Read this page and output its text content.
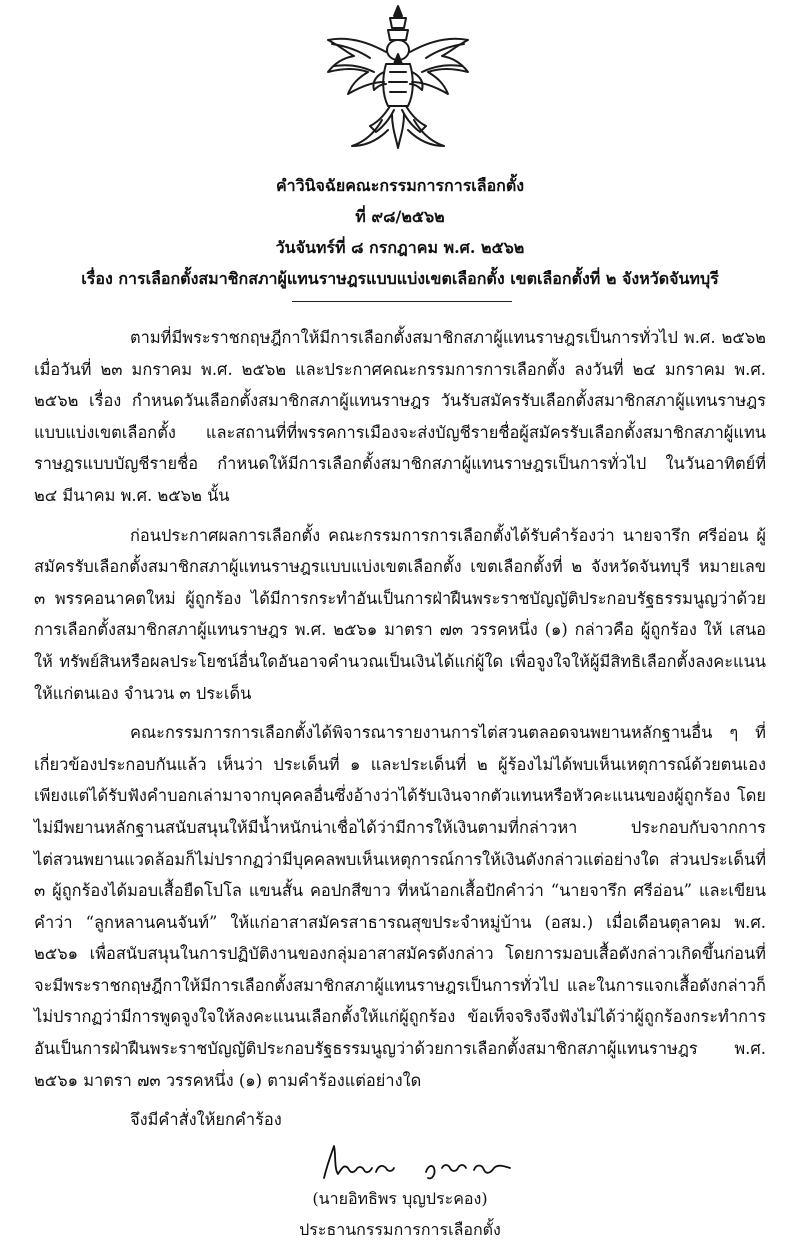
คำวินิจฉัยคณะกรรมการการเลือกตั้ง
ที่ ๙๘/๒๕๖๒
วันจันทร์ที่ ๘ กรกฎาคม พ.ศ. ๒๕๖๒
เรื่อง การเลือกตั้งสมาชิกสภาผู้แทนราษฎรแบบแบ่งเขตเลือกตั้ง เขตเลือกตั้งที่ ๒ จังหวัดจันทบุรี

ตามที่มีพระราชกฤษฎีกาให้มีการเลือกตั้งสมาชิกสภาผู้แทนราษฎรเป็นการทั่วไป พ.ศ. ๒๕๖๒ เมื่อวันที่ ๒๓ มกราคม พ.ศ. ๒๕๖๒ และประกาศคณะกรรมการการเลือกตั้ง ลงวันที่ ๒๔ มกราคม พ.ศ. ๒๕๖๒ เรื่อง กำหนดวันเลือกตั้งสมาชิกสภาผู้แทนราษฎร วันรับสมัครรับเลือกตั้งสมาชิกสภาผู้แทนราษฎรแบบแบ่งเขตเลือกตั้ง และสถานที่ที่พรรคการเมืองจะส่งบัญชีรายชื่อผู้สมัครรับเลือกตั้งสมาชิกสภาผู้แทนราษฎรแบบบัญชีรายชื่อ กำหนดให้มีการเลือกตั้งสมาชิกสภาผู้แทนราษฎรเป็นการทั่วไป ในวันอาทิตย์ที่ ๒๔ มีนาคม พ.ศ. ๒๕๖๒ นั้น

ก่อนประกาศผลการเลือกตั้ง คณะกรรมการการเลือกตั้งได้รับคำร้องว่า นายจารึก ศรีอ่อน ผู้สมัครรับเลือกตั้งสมาชิกสภาผู้แทนราษฎรแบบแบ่งเขตเลือกตั้ง เขตเลือกตั้งที่ ๒ จังหวัดจันทบุรี หมายเลข ๓ พรรคอนาคตใหม่ ผู้ถูกร้อง ได้มีการกระทำอันเป็นการฝ่าฝืนพระราชบัญญัติประกอบรัฐธรรมนูญว่าด้วยการเลือกตั้งสมาชิกสภาผู้แทนราษฎร พ.ศ. ๒๕๖๑ มาตรา ๗๓ วรรคหนึ่ง (๑) กล่าวคือ ผู้ถูกร้อง ให้ เสนอให้ ทรัพย์สินหรือผลประโยชน์อื่นใดอันอาจคำนวณเป็นเงินได้แก่ผู้ใด เพื่อจูงใจให้ผู้มีสิทธิเลือกตั้งลงคะแนนให้แก่ตนเอง จำนวน ๓ ประเด็น

คณะกรรมการการเลือกตั้งได้พิจารณารายงานการไต่สวนตลอดจนพยานหลักฐานอื่น ๆ ที่เกี่ยวข้องประกอบกันแล้ว เห็นว่า ประเด็นที่ ๑ และประเด็นที่ ๒ ผู้ร้องไม่ได้พบเห็นเหตุการณ์ด้วยตนเอง เพียงแต่ได้รับฟังคำบอกเล่ามาจากบุคคลอื่นซึ่งอ้างว่าได้รับเงินจากตัวแทนหรือหัวคะแนนของผู้ถูกร้อง โดยไม่มีพยานหลักฐานสนับสนุนให้มีน้ำหนักน่าเชื่อได้ว่ามีการให้เงินตามที่กล่าวหา ประกอบกับจากการไต่สวนพยานแวดล้อมก็ไม่ปรากฏว่ามีบุคคลพบเห็นเหตุการณ์การให้เงินดังกล่าวแต่อย่างใด ส่วนประเด็นที่ ๓ ผู้ถูกร้องได้มอบเสื้อยืดโปโล แขนสั้น คอปกสีขาว ที่หน้าอกเสื้อปักคำว่า “นายจารึก ศรีอ่อน” และเขียนคำว่า “ลูกหลานคนจันท์” ให้แก่อาสาสมัครสาธารณสุขประจำหมู่บ้าน (อสม.) เมื่อเดือนตุลาคม พ.ศ. ๒๕๖๑ เพื่อสนับสนุนในการปฏิบัติงานของกลุ่มอาสาสมัครดังกล่าว โดยการมอบเสื้อดังกล่าวเกิดขึ้นก่อนที่จะมีพระราชกฤษฎีกาให้มีการเลือกตั้งสมาชิกสภาผู้แทนราษฎรเป็นการทั่วไป และในการแจกเสื้อดังกล่าวก็ไม่ปรากฏว่ามีการพูดจูงใจให้ลงคะแนนเลือกตั้งให้แก่ผู้ถูกร้อง ข้อเท็จจริงจึงฟังไม่ได้ว่าผู้ถูกร้องกระทำการอันเป็นการฝ่าฝืนพระราชบัญญัติประกอบรัฐธรรมนูญว่าด้วยการเลือกตั้งสมาชิกสภาผู้แทนราษฎร พ.ศ. ๒๕๖๑ มาตรา ๗๓ วรรคหนึ่ง (๑) ตามคำร้องแต่อย่างใด

จึงมีคำสั่งให้ยกคำร้อง

(นายอิทธิพร บุญประคอง)
ประธานกรรมการการเลือกตั้ง
